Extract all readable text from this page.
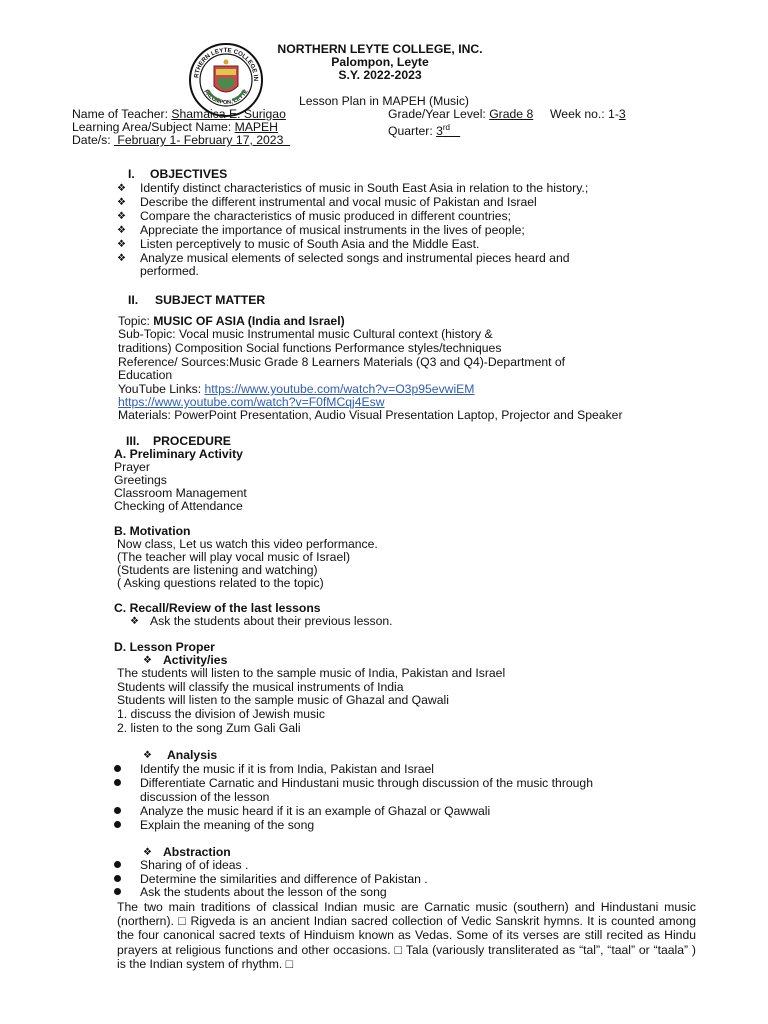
RTHERN LEYTE COLLEGE IN
PALOMPON, LEYTE
NORTHERN LEYTE COLLEGE, INC.
Palompon, Leyte
S.Y. 2022-2023
Lesson Plan in MAPEH (Music)
Name of Teacher: Shamaica E. Surigao	Grade/Year Level: Grade 8 Week no.: 1-3
Learning Area/Subject Name: MAPEH	Quarter: 3rd
Date/s:  February 1- February 17, 2023
I. OBJECTIVES
❖ Identify distinct characteristics of music in South East Asia in relation to the history.;
❖ Describe the different instrumental and vocal music of Pakistan and Israel
❖ Compare the characteristics of music produced in different countries;
❖ Appreciate the importance of musical instruments in the lives of people;
❖ Listen perceptively to music of South Asia and the Middle East.
❖ Analyze musical elements of selected songs and instrumental pieces heard and
performed.
II. SUBJECT MATTER
Topic: MUSIC OF ASIA (India and Israel)
Sub-Topic: Vocal music Instrumental music Cultural context (history &
traditions) Composition Social functions Performance styles/techniques
Reference/ Sources:Music Grade 8 Learners Materials (Q3 and Q4)-Department of
Education
YouTube Links: https://www.youtube.com/watch?v=O3p95evwiEM
https://www.youtube.com/watch?v=F0fMCqj4Esw
Materials: PowerPoint Presentation, Audio Visual Presentation Laptop, Projector and Speaker
III. PROCEDURE
A. Preliminary Activity
Prayer
Greetings
Classroom Management
Checking of Attendance
B. Motivation
Now class, Let us watch this video performance.
(The teacher will play vocal music of Israel)
(Students are listening and watching)
( Asking questions related to the topic)
C. Recall/Review of the last lessons
❖ Ask the students about their previous lesson.
D. Lesson Proper
❖ Activity/ies
The students will listen to the sample music of India, Pakistan and Israel
Students will classify the musical instruments of India
Students will listen to the sample music of Ghazal and Qawali
1. discuss the division of Jewish music
2. listen to the song Zum Gali Gali
❖ Analysis
Identify the music if it is from India, Pakistan and Israel
Differentiate Carnatic and Hindustani music through discussion of the music through
discussion of the lesson
Analyze the music heard if it is an example of Ghazal or Qawwali
Explain the meaning of the song
❖ Abstraction
Sharing of of ideas .
Determine the similarities and difference of Pakistan .
Ask the students about the lesson of the song
The two main traditions of classical Indian music are Carnatic music (southern) and Hindustani music (northern). □ Rigveda is an ancient Indian sacred collection of Vedic Sanskrit hymns. It is counted among the four canonical sacred texts of Hinduism known as Vedas. Some of its verses are still recited as Hindu prayers at religious functions and other occasions. □ Tala (variously transliterated as “tal”, “taal” or “taala” ) is the Indian system of rhythm. □
